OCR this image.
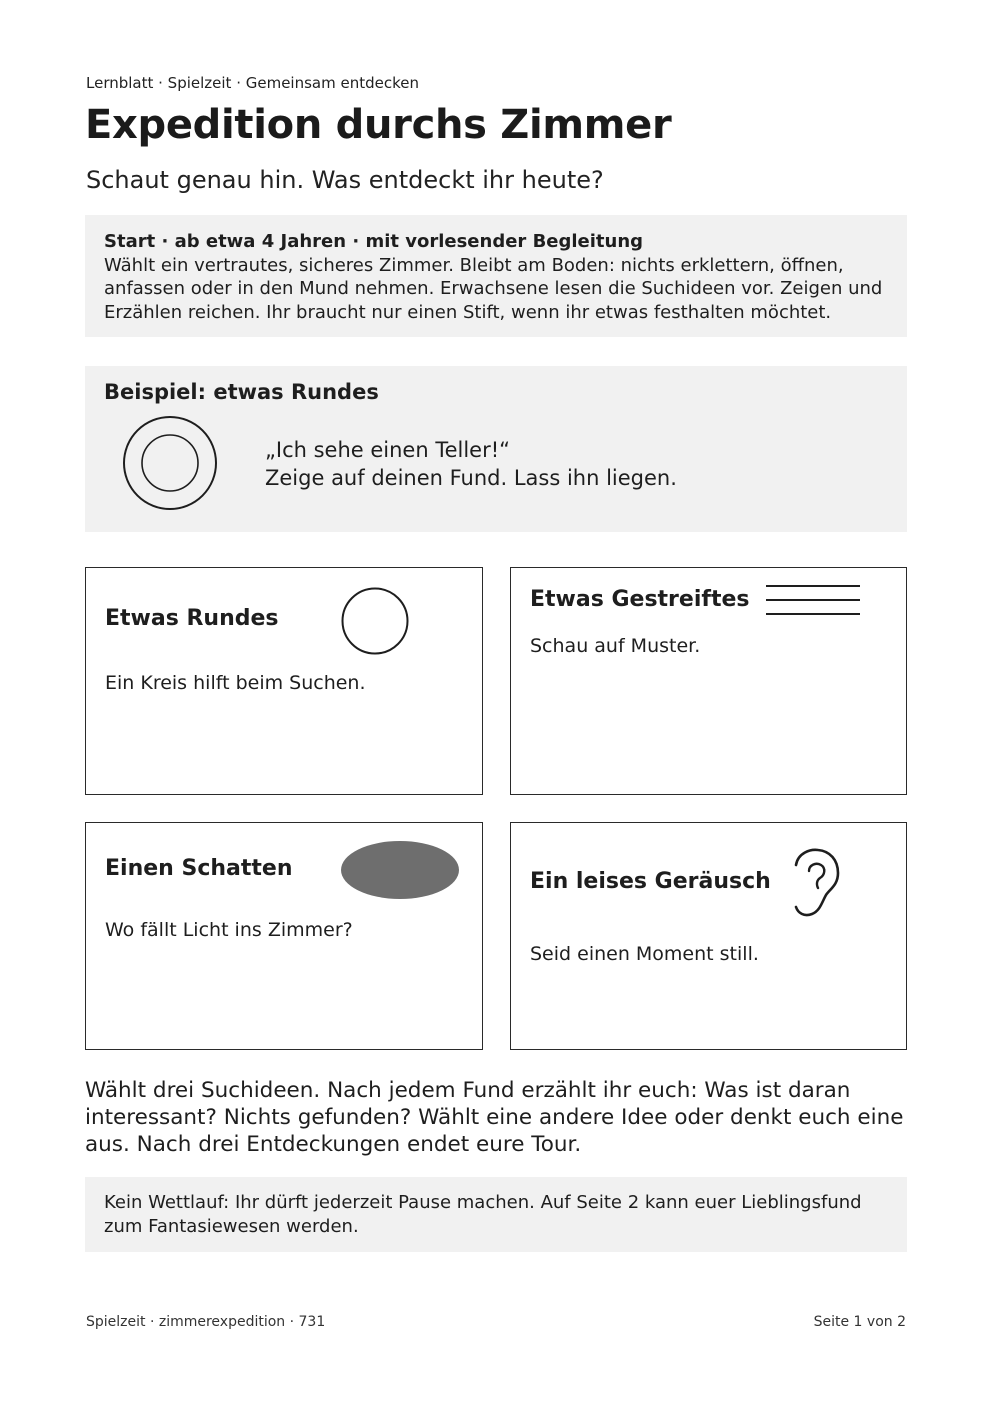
Lernblatt · Spielzeit · Gemeinsam entdecken
Expedition durchs Zimmer
Schaut genau hin. Was entdeckt ihr heute?
Start · ab etwa 4 Jahren · mit vorlesender Begleitung
Wählt ein vertrautes, sicheres Zimmer. Bleibt am Boden: nichts erklettern, öffnen, anfassen oder in den Mund nehmen. Erwachsene lesen die Suchideen vor. Zeigen und Erzählen reichen. Ihr braucht nur einen Stift, wenn ihr etwas festhalten möchtet.
Beispiel: etwas Rundes
„Ich sehe einen Teller!“
Zeige auf deinen Fund. Lass ihn liegen.
Etwas Rundes
Ein Kreis hilft beim Suchen.
Etwas Gestreiftes
Schau auf Muster.
Einen Schatten
Wo fällt Licht ins Zimmer?
Ein leises Geräusch
Seid einen Moment still.
Wählt drei Suchideen. Nach jedem Fund erzählt ihr euch: Was ist daran interessant? Nichts gefunden? Wählt eine andere Idee oder denkt euch eine aus. Nach drei Entdeckungen endet eure Tour.
Kein Wettlauf: Ihr dürft jederzeit Pause machen. Auf Seite 2 kann euer Lieblingsfund zum Fantasiewesen werden.
Spielzeit · zimmerexpedition · 731	Seite 1 von 2
